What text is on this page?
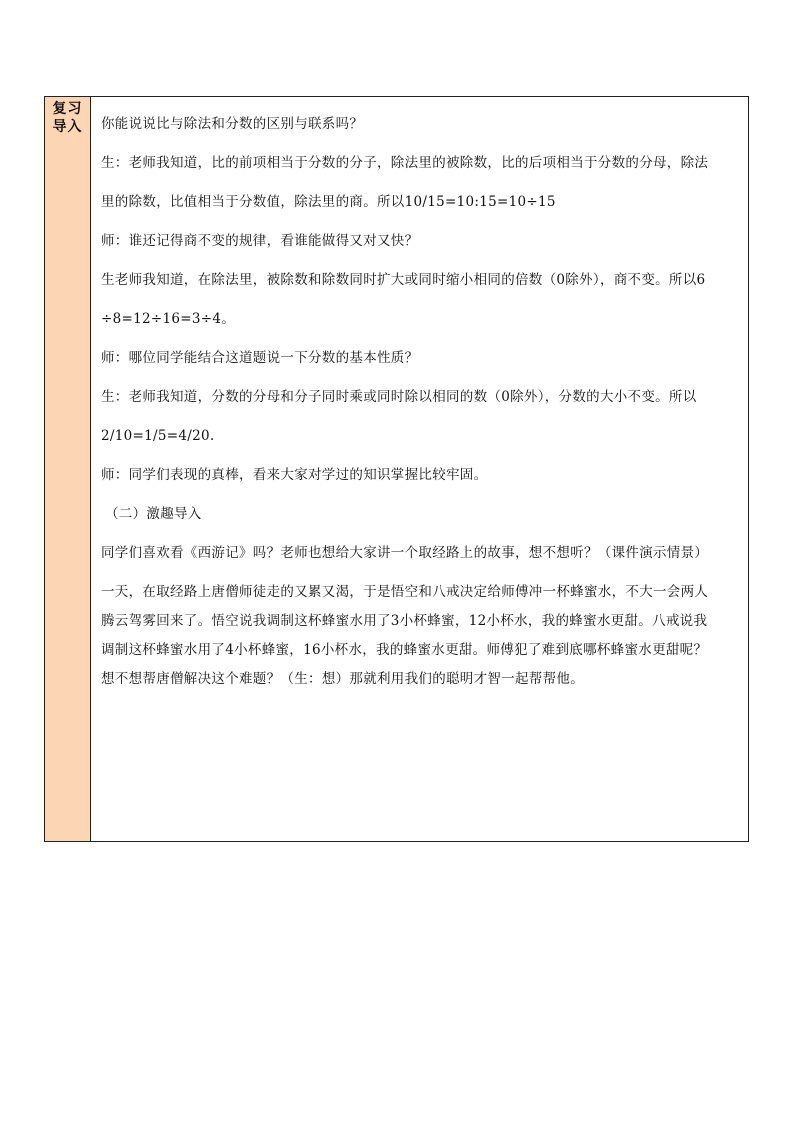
复习
导入 你能说说比与除法和分数的区别与联系吗？
生：老师我知道，比的前项相当于分数的分子，除法里的被除数，比的后项相当于分数的分母，除法
里的除数，比值相当于分数值，除法里的商。所以10/15=10:15=10÷15
师：谁还记得商不变的规律，看谁能做得又对又快？
生老师我知道，在除法里，被除数和除数同时扩大或同时缩小相同的倍数（0除外），商不变。所以6
÷8=12÷16=3÷4。
师：哪位同学能结合这道题说一下分数的基本性质？
生：老师我知道，分数的分母和分子同时乘或同时除以相同的数（0除外），分数的大小不变。所以
2/10=1/5=4/20.
师：同学们表现的真棒，看来大家对学过的知识掌握比较牢固。
（二）激趣导入
同学们喜欢看《西游记》吗？老师也想给大家讲一个取经路上的故事，想不想听？（课件演示情景）
一天，在取经路上唐僧师徒走的又累又渴，于是悟空和八戒决定给师傅冲一杯蜂蜜水，不大一会两人
腾云驾雾回来了。悟空说我调制这杯蜂蜜水用了3小杯蜂蜜，12小杯水，我的蜂蜜水更甜。八戒说我
调制这杯蜂蜜水用了4小杯蜂蜜，16小杯水，我的蜂蜜水更甜。师傅犯了难到底哪杯蜂蜜水更甜呢？
想不想帮唐僧解决这个难题？（生：想）那就利用我们的聪明才智一起帮帮他。
